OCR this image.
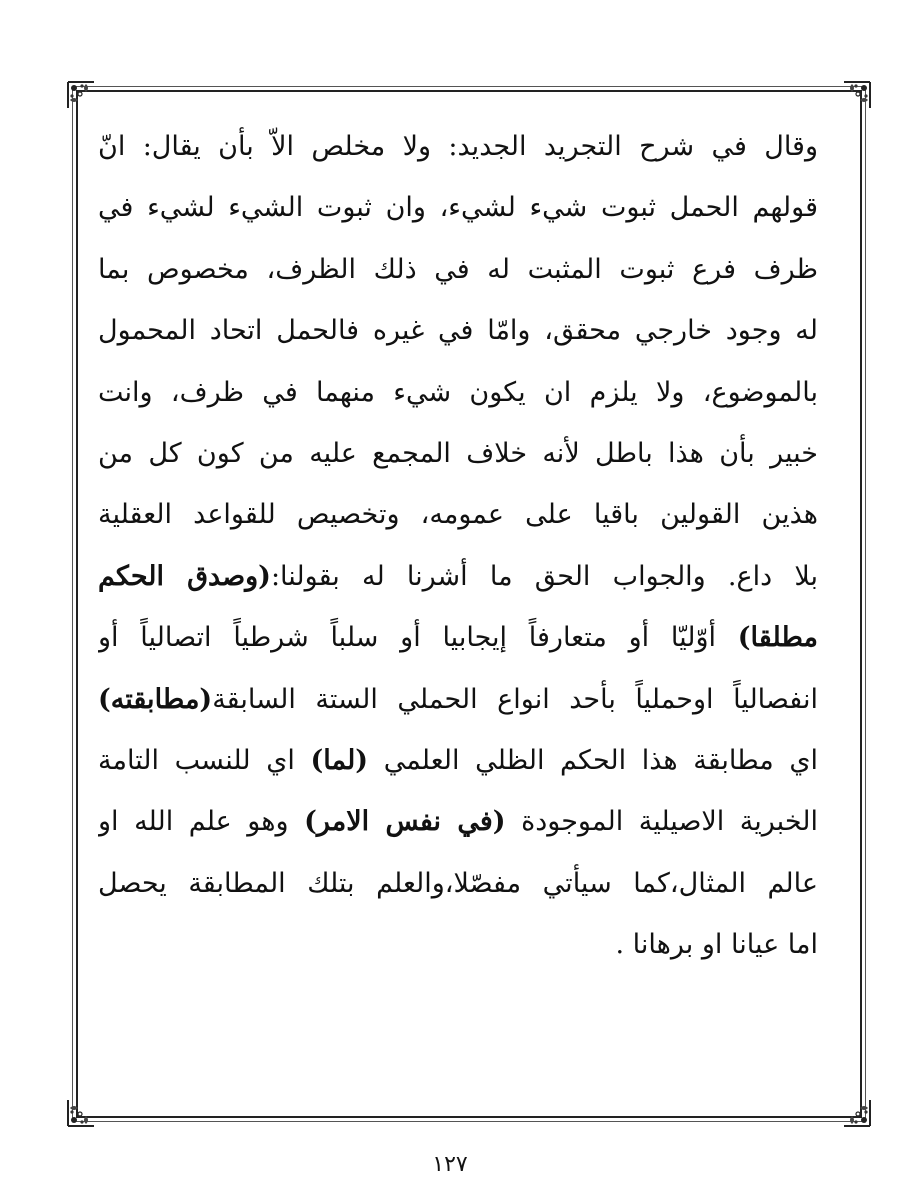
وقال في شرح التجريد الجديد: ولا مخلص الاّ بأن يقال: انّ
قولهم الحمل ثبوت شيء لشيء، وان ثبوت الشيء لشيء في
ظرف فرع ثبوت المثبت له في ذلك الظرف، مخصوص بما
له وجود خارجي محقق، وامّا في غيره فالحمل اتحاد المحمول
بالموضوع، ولا يلزم ان يكون شيء منهما في ظرف، وانت
خبير بأن هذا باطل لأنه خلاف المجمع عليه من كون كل من
هذين القولين باقيا على عمومه، وتخصيص للقواعد العقلية
بلا داع. والجواب الحق ما أشرنا له بقولنا:(وصدق الحكم
مطلقا) أوّليّا أو متعارفاً إيجابيا أو سلباً شرطياً اتصالياً أو
انفصالياً اوحملياً بأحد انواع الحملي الستة السابقة(مطابقته)
اي مطابقة هذا الحكم الظلي العلمي (لما) اي للنسب التامة
الخبرية الاصيلية الموجودة (في نفس الامر) وهو علم الله او
عالم المثال،كما سيأتي مفصّلا،والعلم بتلك المطابقة يحصل
اما عيانا او برهانا .
١٢٧
